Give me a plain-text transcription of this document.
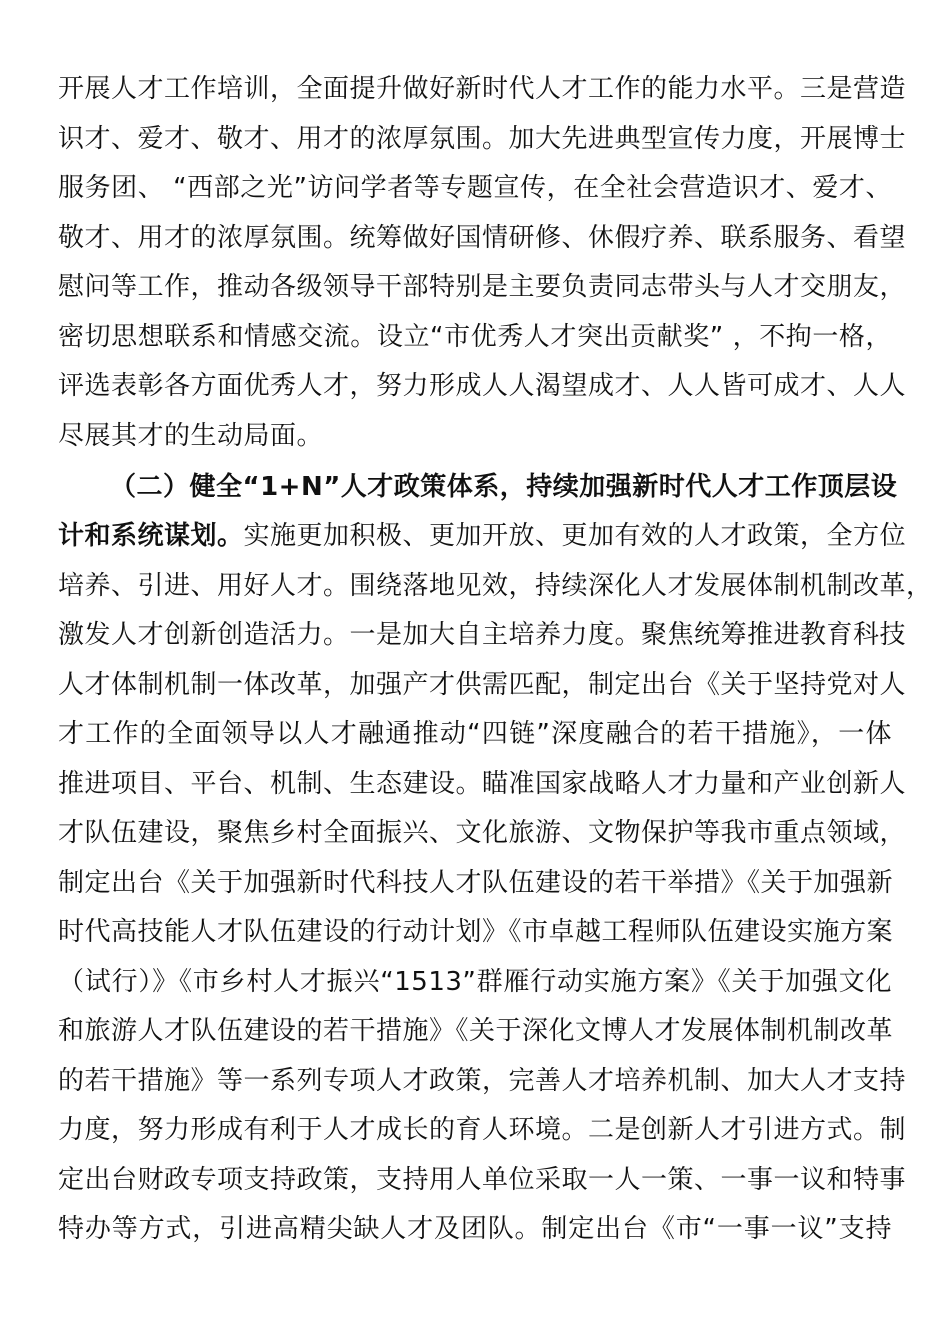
开展人才工作培训，全面提升做好新时代人才工作的能力水平。三是营造
识才、爱才、敬才、用才的浓厚氛围。加大先进典型宣传力度，开展博士
服务团、 “西部之光”访问学者等专题宣传，在全社会营造识才、爱才、
敬才、用才的浓厚氛围。统筹做好国情研修、休假疗养、联系服务、看望
慰问等工作，推动各级领导干部特别是主要负责同志带头与人才交朋友，
密切思想联系和情感交流。设立“市优秀人才突出贡献奖” ，不拘一格，
评选表彰各方面优秀人才，努力形成人人渴望成才、人人皆可成才、人人
尽展其才的生动局面。
（二）健全“1+N”人才政策体系，持续加强新时代人才工作顶层设
计和系统谋划。实施更加积极、更加开放、更加有效的人才政策，全方位
培养、引进、用好人才。围绕落地见效，持续深化人才发展体制机制改革，
激发人才创新创造活力。一是加大自主培养力度。聚焦统筹推进教育科技
人才体制机制一体改革，加强产才供需匹配，制定出台《关于坚持党对人
才工作的全面领导以人才融通推动“四链”深度融合的若干措施》，一体
推进项目、平台、机制、生态建设。瞄准国家战略人才力量和产业创新人
才队伍建设，聚焦乡村全面振兴、文化旅游、文物保护等我市重点领域，
制定出台《关于加强新时代科技人才队伍建设的若干举措》《关于加强新
时代高技能人才队伍建设的行动计划》《市卓越工程师队伍建设实施方案
（试行）》《市乡村人才振兴“1513”群雁行动实施方案》《关于加强文化
和旅游人才队伍建设的若干措施》《关于深化文博人才发展体制机制改革
的若干措施》等一系列专项人才政策，完善人才培养机制、加大人才支持
力度，努力形成有利于人才成长的育人环境。二是创新人才引进方式。制
定出台财政专项支持政策，支持用人单位采取一人一策、一事一议和特事
特办等方式，引进高精尖缺人才及团队。制定出台《市“一事一议”支持
